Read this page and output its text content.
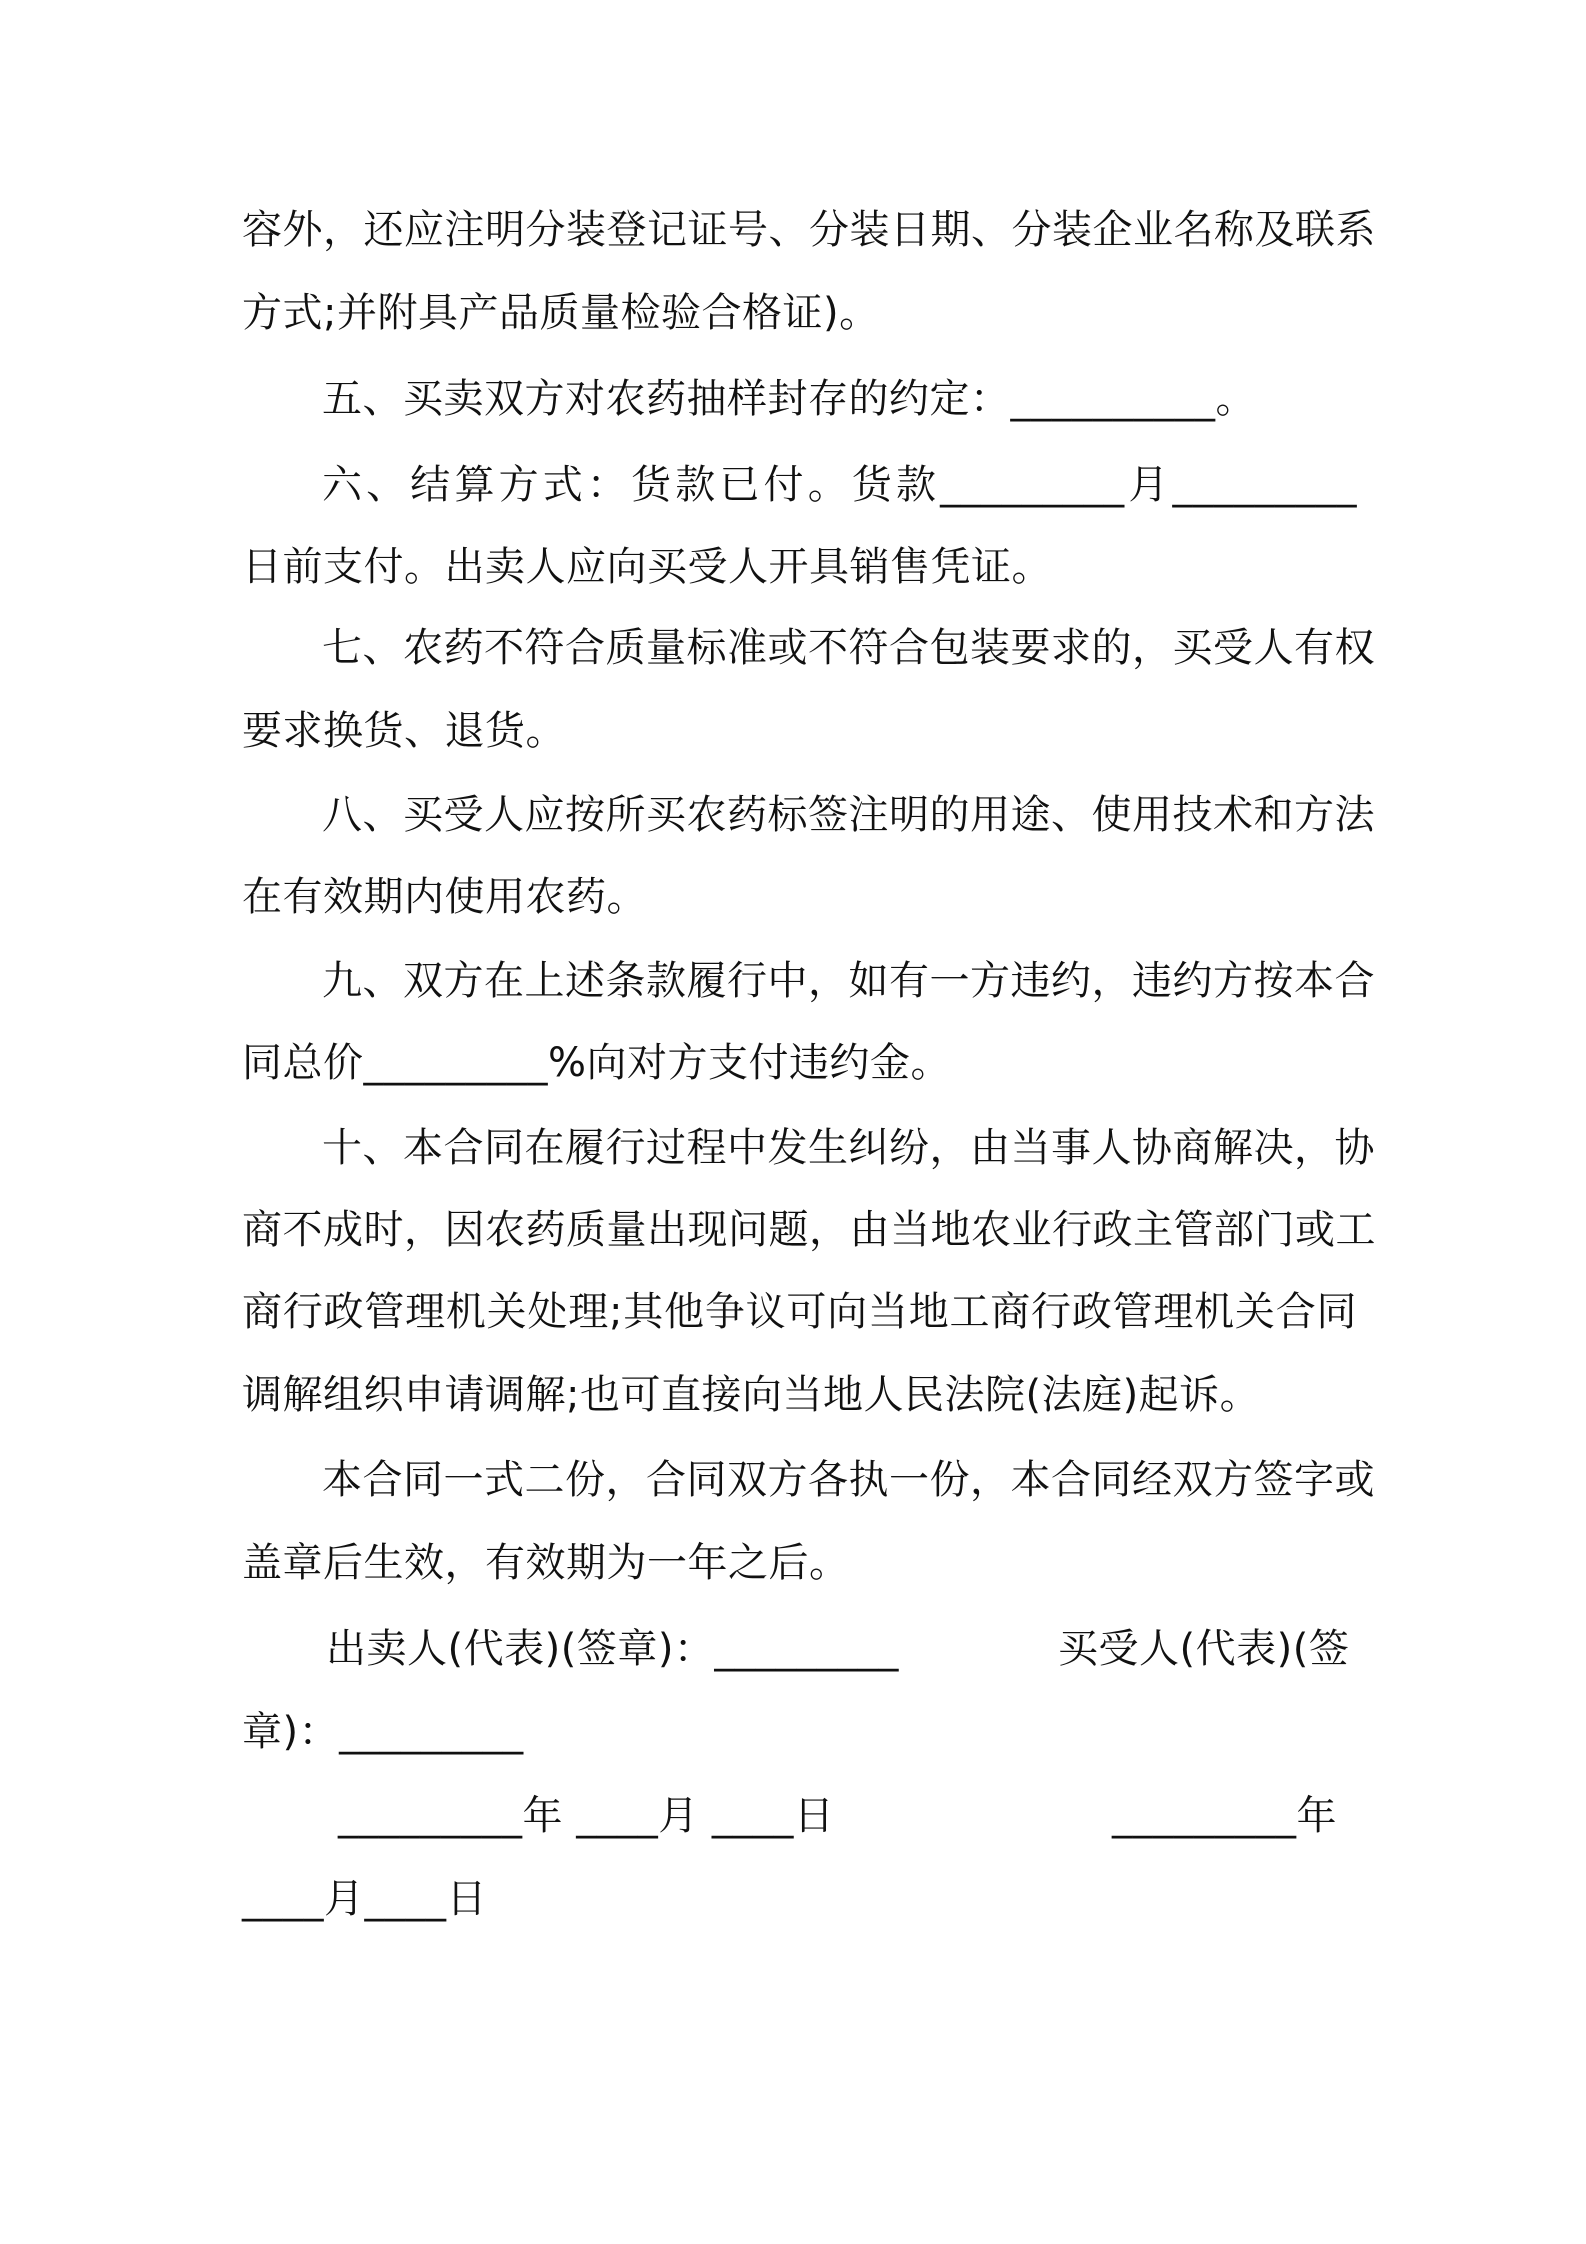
容外，还应注明分装登记证号、分装日期、分装企业名称及联系
方式;并附具产品质量检验合格证)。
五、买卖双方对农药抽样封存的约定：__________。
六、结算方式：货款已付。货款_________月_________
日前支付。出卖人应向买受人开具销售凭证。
七、农药不符合质量标准或不符合包装要求的，买受人有权
要求换货、退货。
八、买受人应按所买农药标签注明的用途、使用技术和方法
在有效期内使用农药。
九、双方在上述条款履行中，如有一方违约，违约方按本合
同总价_________%向对方支付违约金。
十、本合同在履行过程中发生纠纷，由当事人协商解决，协
商不成时，因农药质量出现问题，由当地农业行政主管部门或工
商行政管理机关处理;其他争议可向当地工商行政管理机关合同
调解组织申请调解;也可直接向当地人民法院(法庭)起诉。
本合同一式二份，合同双方各执一份，本合同经双方签字或
盖章后生效，有效期为一年之后。

出卖人(代表)(签章)：_________

	买受人(代表)(签

章)：_________

_________年 ____月 ____日

	_________年

____月____日
